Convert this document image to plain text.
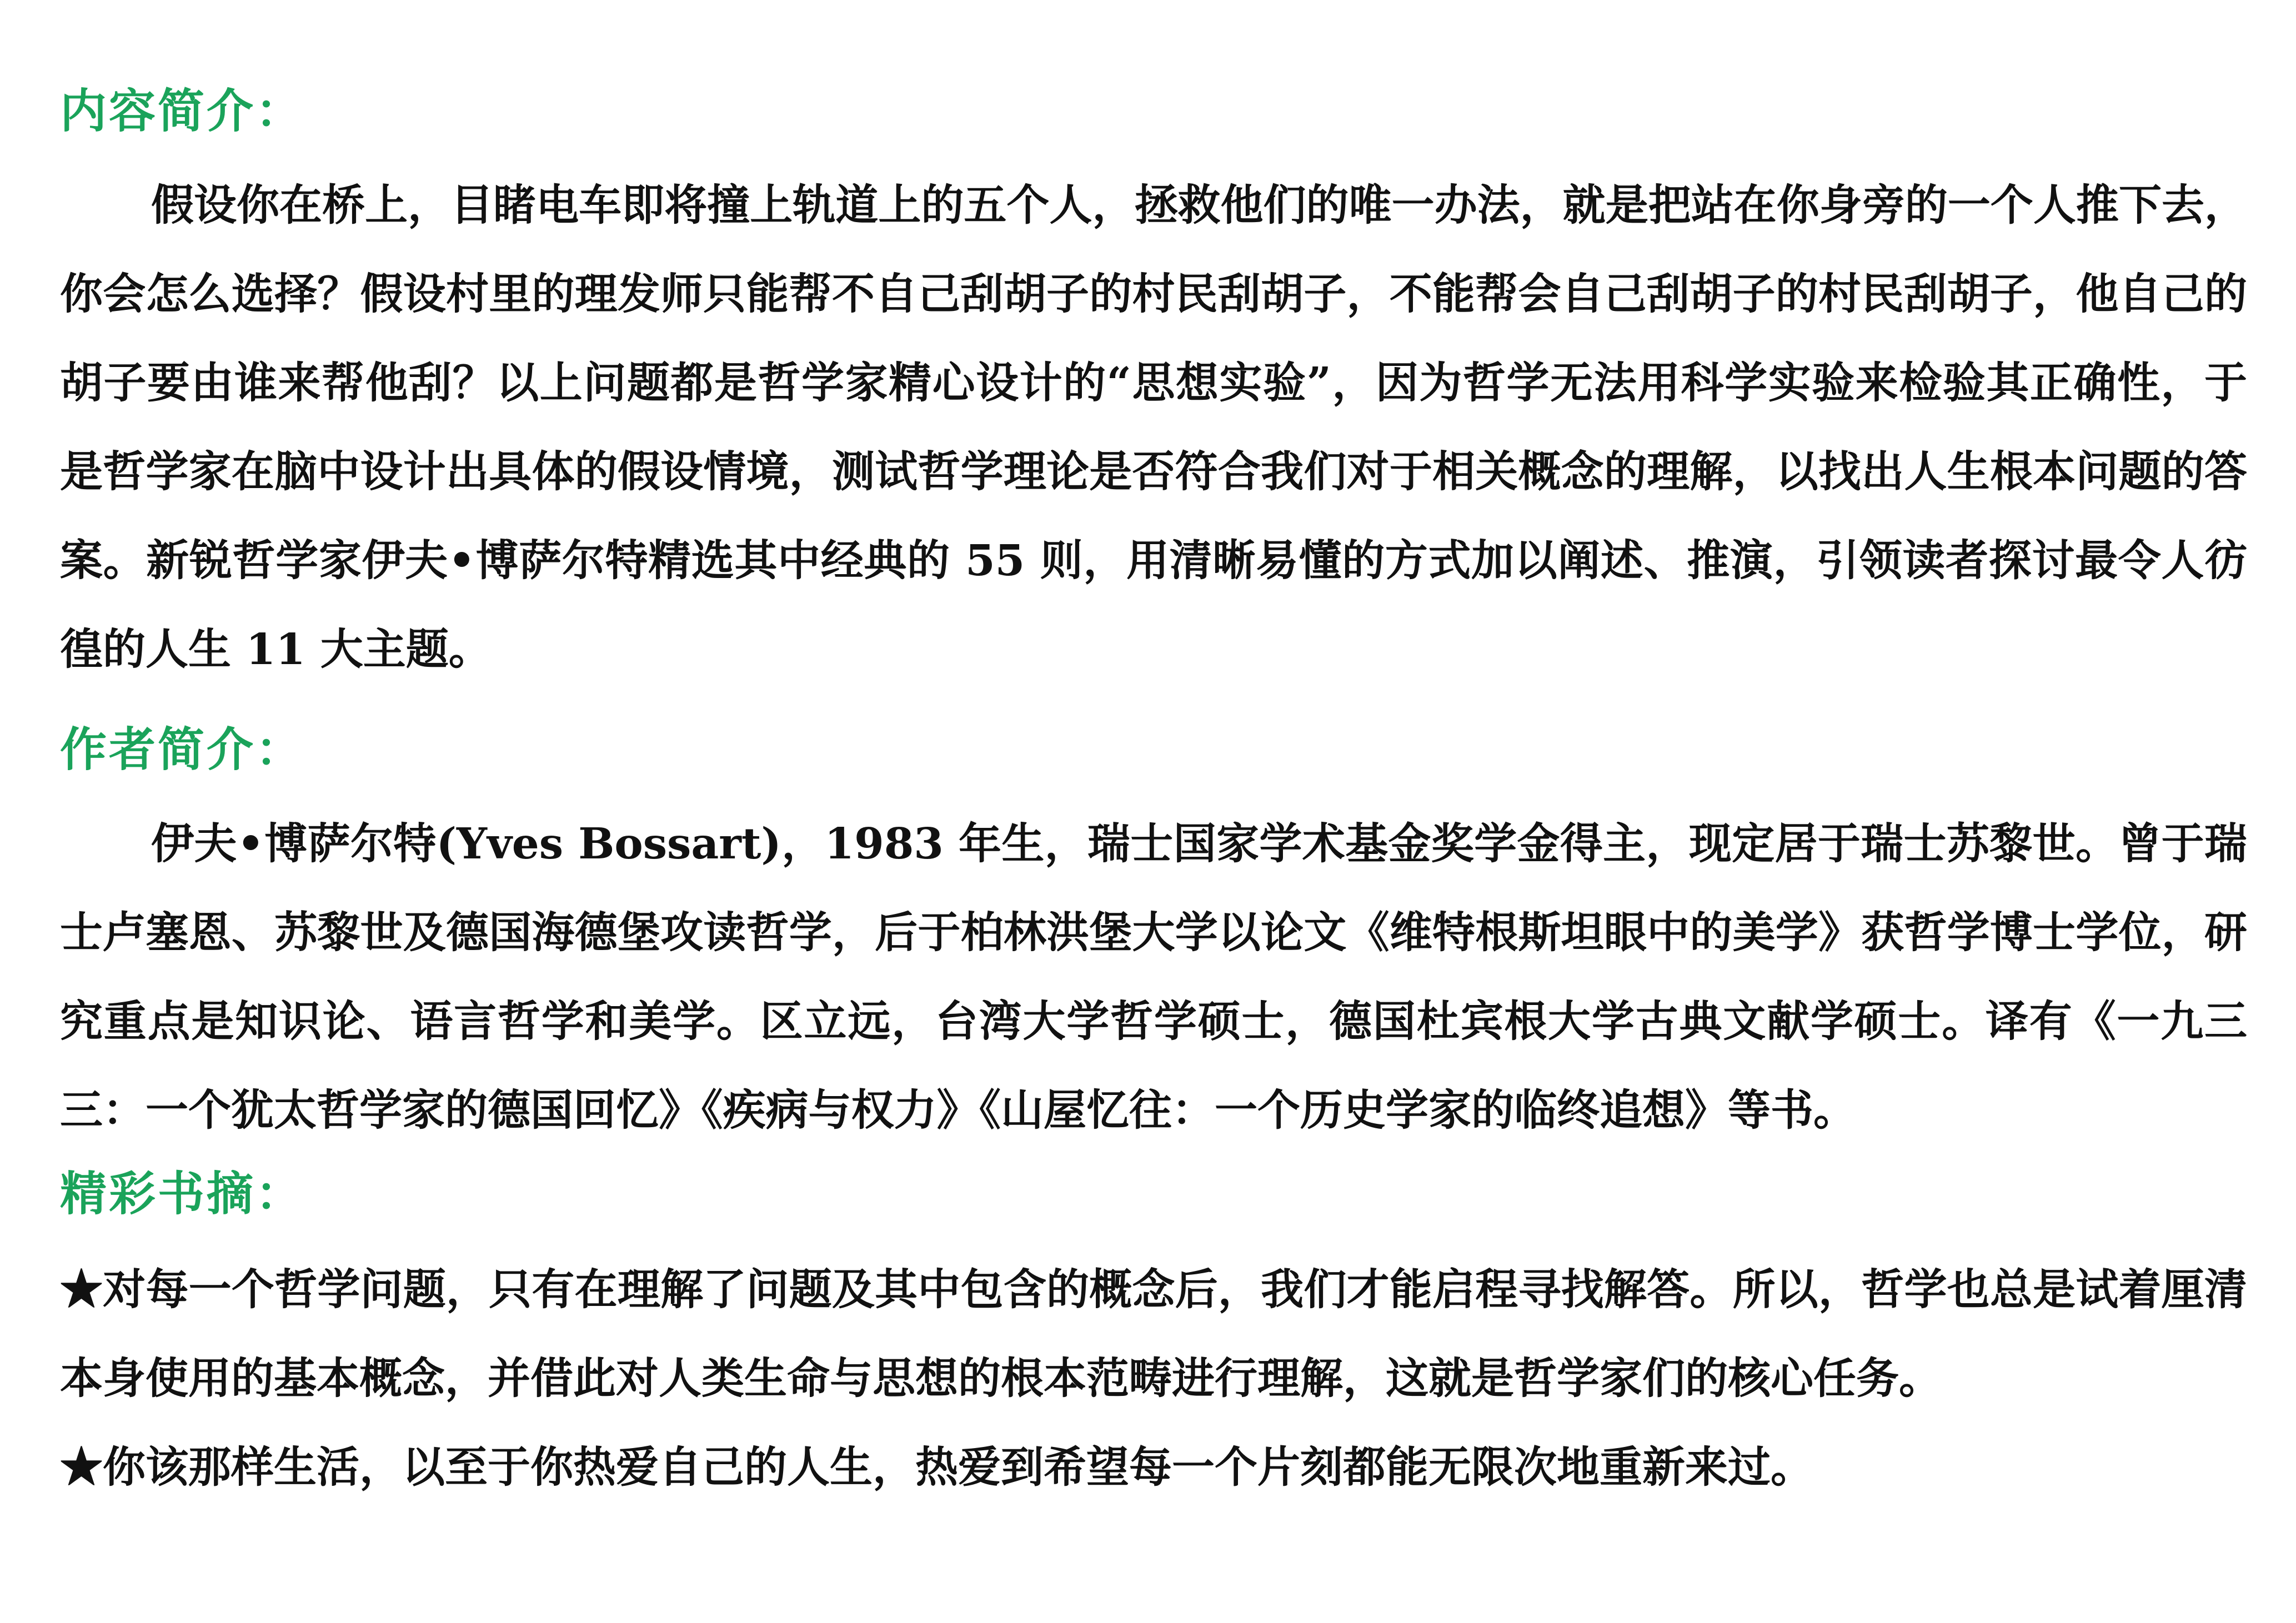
内容简介：
假设你在桥上，目睹电车即将撞上轨道上的五个人，拯救他们的唯一办法，就是把站在你身旁的一个人推下去，你会怎么选择？假设村里的理发师只能帮不自己刮胡子的村民刮胡子，不能帮会自己刮胡子的村民刮胡子，他自己的胡子要由谁来帮他刮？以上问题都是哲学家精心设计的“思想实验”，因为哲学无法用科学实验来检验其正确性，于是哲学家在脑中设计出具体的假设情境，测试哲学理论是否符合我们对于相关概念的理解，以找出人生根本问题的答案。新锐哲学家伊夫•博萨尔特精选其中经典的 55 则，用清晰易懂的方式加以阐述、推演，引领读者探讨最令人彷徨的人生 11 大主题。
作者简介：
伊夫•博萨尔特(Yves Bossart)，1983 年生，瑞士国家学术基金奖学金得主，现定居于瑞士苏黎世。曾于瑞士卢塞恩、苏黎世及德国海德堡攻读哲学，后于柏林洪堡大学以论文《维特根斯坦眼中的美学》获哲学博士学位，研究重点是知识论、语言哲学和美学。区立远，台湾大学哲学硕士，德国杜宾根大学古典文献学硕士。译有《一九三三：一个犹太哲学家的德国回忆》《疾病与权力》《山屋忆往：一个历史学家的临终追想》等书。
精彩书摘：

★对每一个哲学问题，只有在理解了问题及其中包含的概念后，我们才能启程寻找解答。所以，哲学也总是试着厘清本身使用的基本概念，并借此对人类生命与思想的根本范畴进行理解，这就是哲学家们的核心任务。

★你该那样生活，以至于你热爱自己的人生，热爱到希望每一个片刻都能无限次地重新来过。
